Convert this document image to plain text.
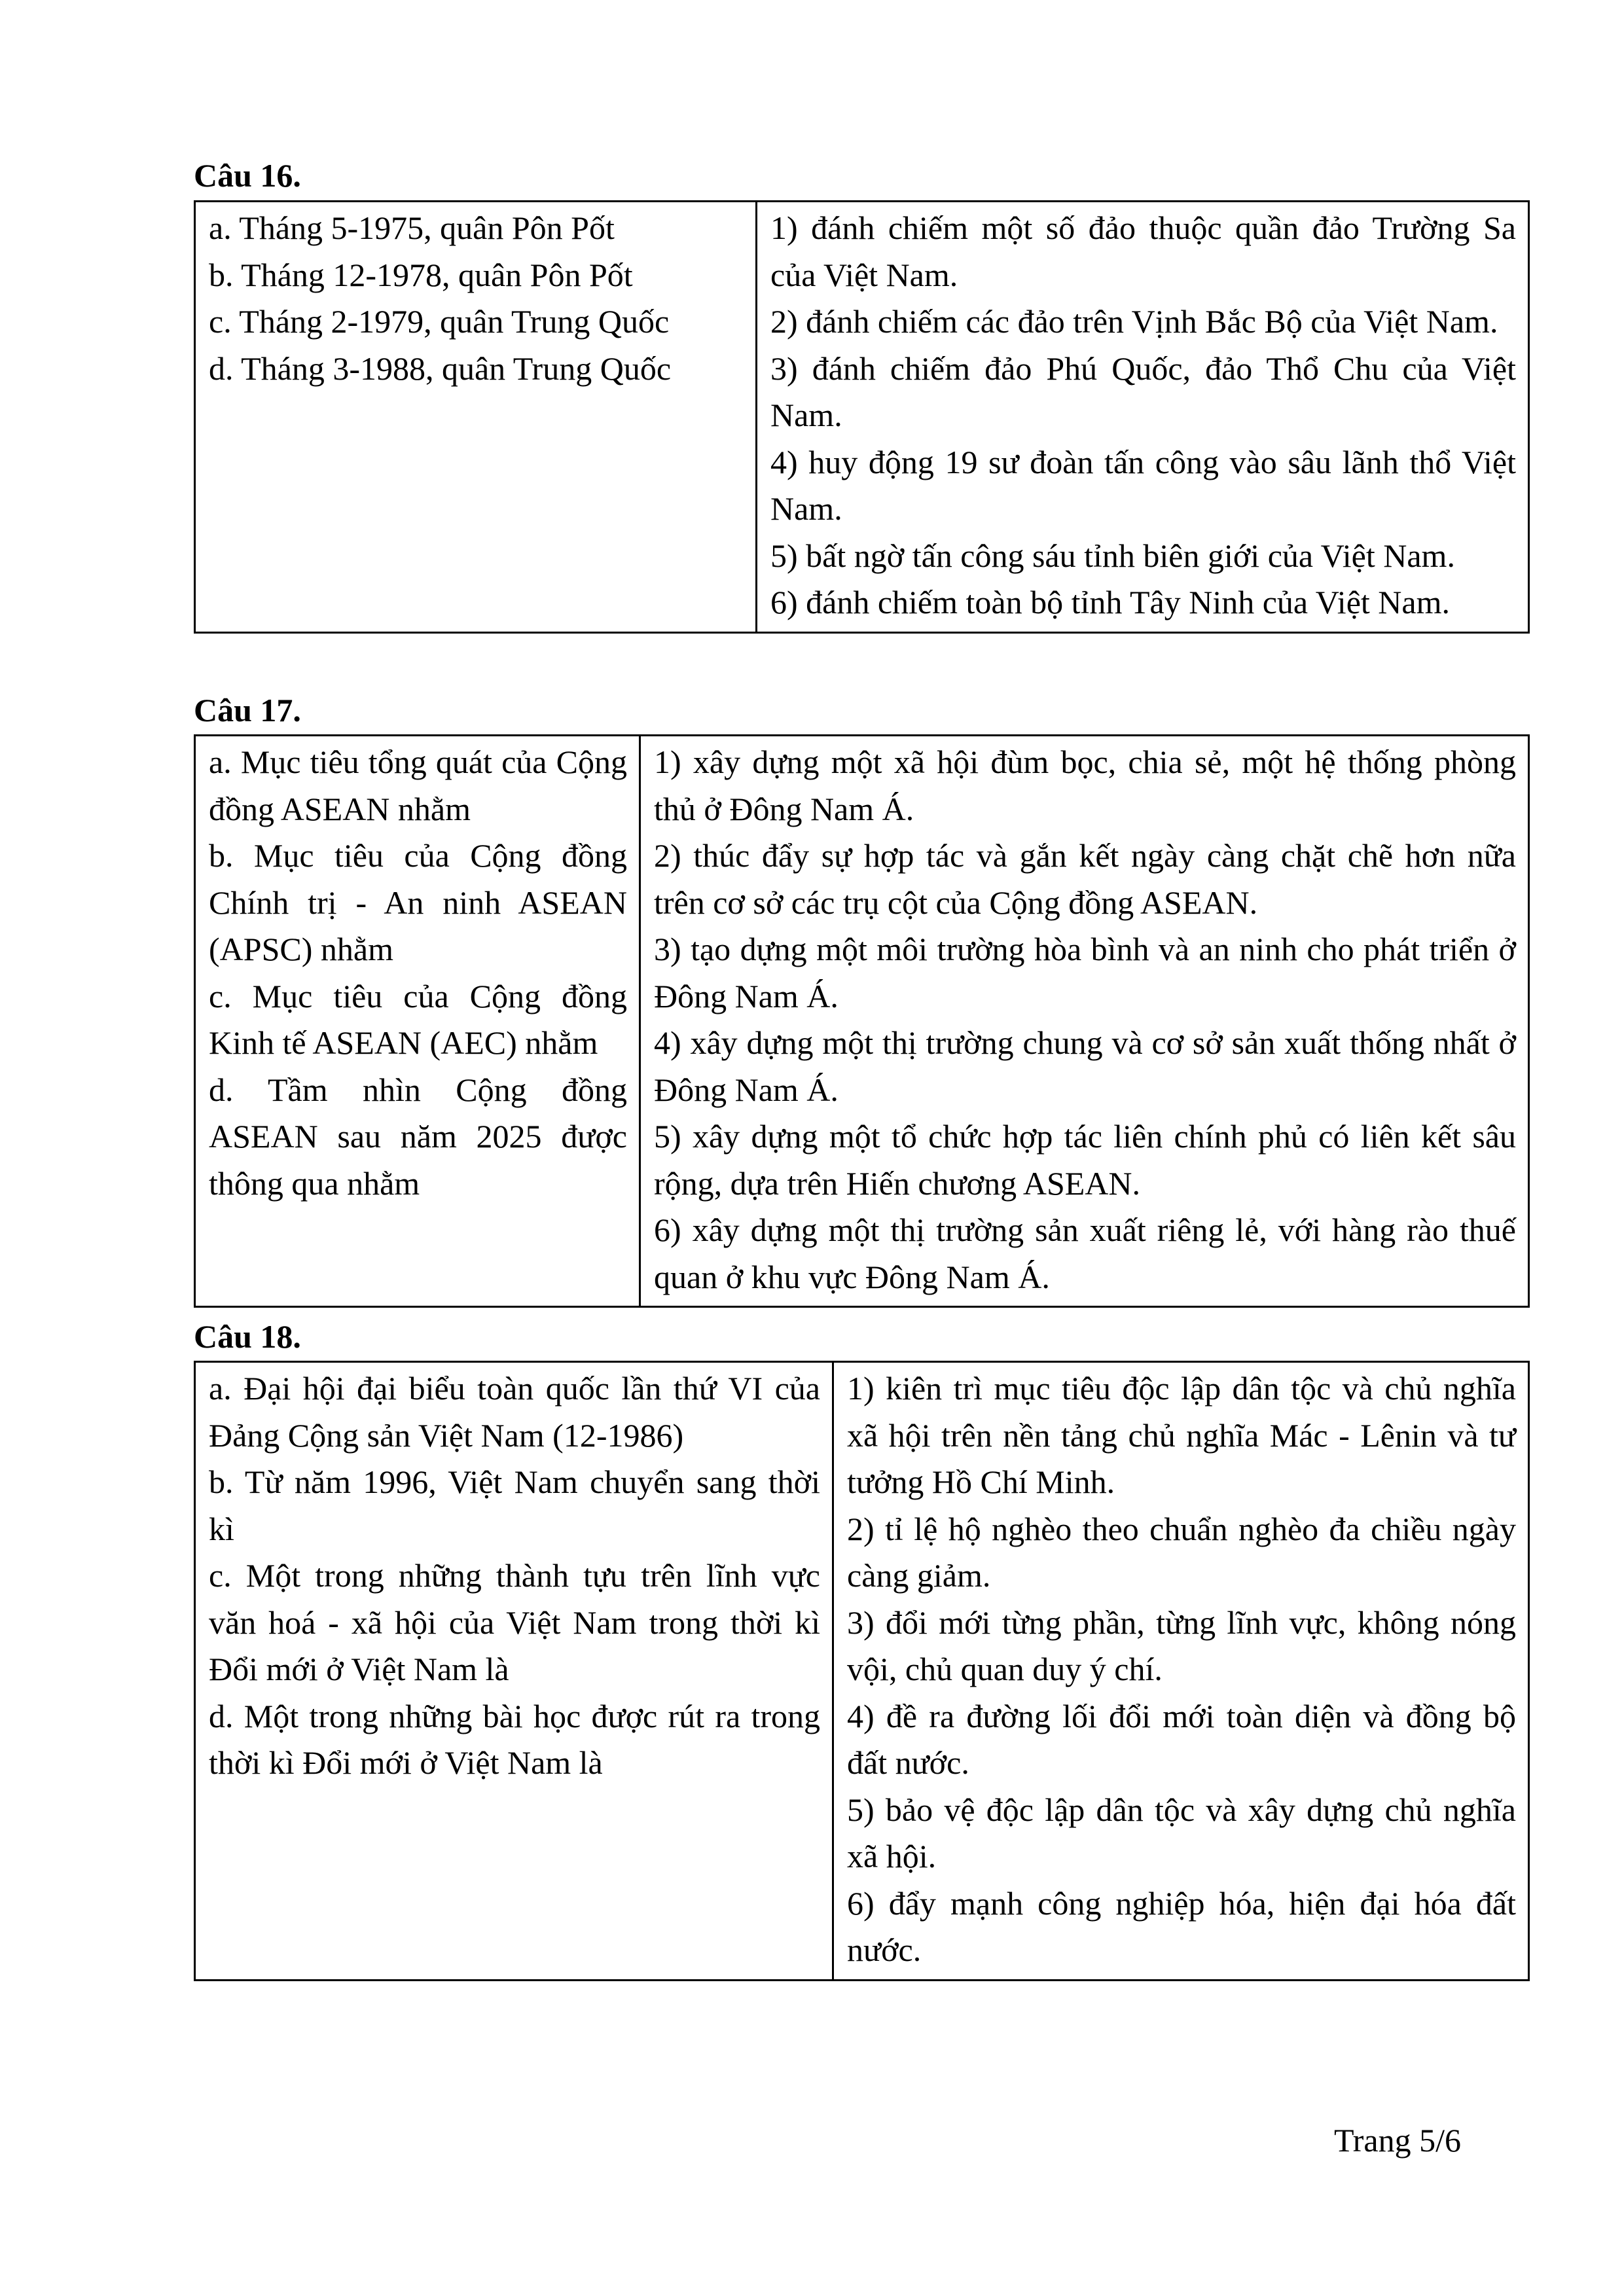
Câu 16.
a. Tháng 5-1975, quân Pôn Pốt
b. Tháng 12-1978, quân Pôn Pốt
c. Tháng 2-1979, quân Trung Quốc
d. Tháng 3-1988, quân Trung Quốc

1) đánh chiếm một số đảo thuộc quần đảo Trường Sa của Việt Nam.
2) đánh chiếm các đảo trên Vịnh Bắc Bộ của Việt Nam.
3) đánh chiếm đảo Phú Quốc, đảo Thổ Chu của Việt Nam.
4) huy động 19 sư đoàn tấn công vào sâu lãnh thổ Việt Nam.
5) bất ngờ tấn công sáu tỉnh biên giới của Việt Nam.
6) đánh chiếm toàn bộ tỉnh Tây Ninh của Việt Nam.
Câu 17.
a. Mục tiêu tổng quát của Cộng đồng ASEAN nhằm
b. Mục tiêu của Cộng đồng Chính trị - An ninh ASEAN (APSC) nhằm
c. Mục tiêu của Cộng đồng Kinh tế ASEAN (AEC) nhằm
d. Tầm nhìn Cộng đồng ASEAN sau năm 2025 được thông qua nhằm

1) xây dựng một xã hội đùm bọc, chia sẻ, một hệ thống phòng thủ ở Đông Nam Á.
2) thúc đẩy sự hợp tác và gắn kết ngày càng chặt chẽ hơn nữa trên cơ sở các trụ cột của Cộng đồng ASEAN.
3) tạo dựng một môi trường hòa bình và an ninh cho phát triển ở Đông Nam Á.
4) xây dựng một thị trường chung và cơ sở sản xuất thống nhất ở Đông Nam Á.
5) xây dựng một tổ chức hợp tác liên chính phủ có liên kết sâu rộng, dựa trên Hiến chương ASEAN.
6) xây dựng một thị trường sản xuất riêng lẻ, với hàng rào thuế quan ở khu vực Đông Nam Á.
Câu 18.
a. Đại hội đại biểu toàn quốc lần thứ VI của Đảng Cộng sản Việt Nam (12-1986)
b. Từ năm 1996, Việt Nam chuyển sang thời kì
c. Một trong những thành tựu trên lĩnh vực văn hoá - xã hội của Việt Nam trong thời kì Đổi mới ở Việt Nam là
d. Một trong những bài học được rút ra trong thời kì Đổi mới ở Việt Nam là

1) kiên trì mục tiêu độc lập dân tộc và chủ nghĩa xã hội trên nền tảng chủ nghĩa Mác - Lênin và tư tưởng Hồ Chí Minh.
2) tỉ lệ hộ nghèo theo chuẩn nghèo đa chiều ngày càng giảm.
3) đổi mới từng phần, từng lĩnh vực, không nóng vội, chủ quan duy ý chí.
4) đề ra đường lối đổi mới toàn diện và đồng bộ đất nước.
5) bảo vệ độc lập dân tộc và xây dựng chủ nghĩa xã hội.
6) đẩy mạnh công nghiệp hóa, hiện đại hóa đất nước.
Trang 5/6
